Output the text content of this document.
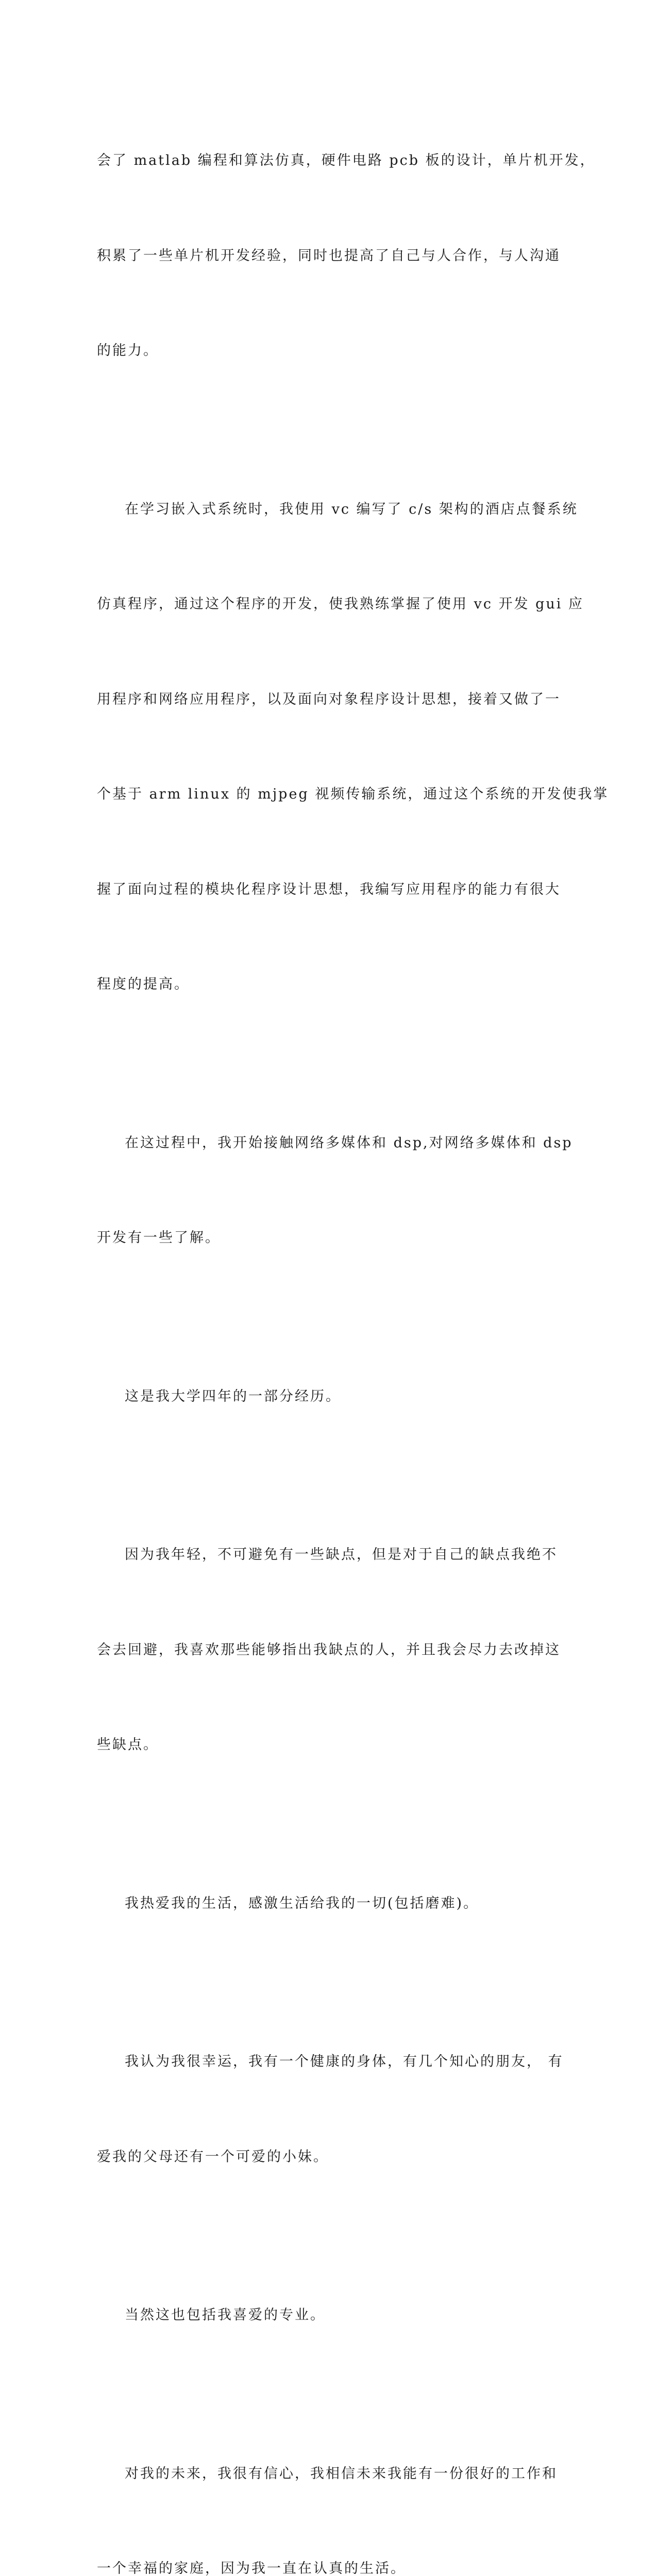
会了 matlab 编程和算法仿真，硬件电路 pcb 板的设计，单片机开发，

积累了一些单片机开发经验，同时也提高了自己与人合作，与人沟通

的能力。

在学习嵌入式系统时，我使用 vc 编写了 c/s 架构的酒店点餐系统

仿真程序，通过这个程序的开发，使我熟练掌握了使用 vc 开发 gui 应

用程序和网络应用程序，以及面向对象程序设计思想，接着又做了一

个基于 arm linux 的 mjpeg 视频传输系统，通过这个系统的开发使我掌

握了面向过程的模块化程序设计思想，我编写应用程序的能力有很大

程度的提高。

在这过程中，我开始接触网络多媒体和 dsp,对网络多媒体和 dsp

开发有一些了解。

这是我大学四年的一部分经历。

因为我年轻，不可避免有一些缺点，但是对于自己的缺点我绝不

会去回避，我喜欢那些能够指出我缺点的人，并且我会尽力去改掉这

些缺点。

我热爱我的生活，感激生活给我的一切(包括磨难)。

我认为我很幸运，我有一个健康的身体，有几个知心的朋友， 有

爱我的父母还有一个可爱的小妹。

当然这也包括我喜爱的专业。

对我的未来，我很有信心，我相信未来我能有一份很好的工作和

一个幸福的家庭，因为我一直在认真的生活。
